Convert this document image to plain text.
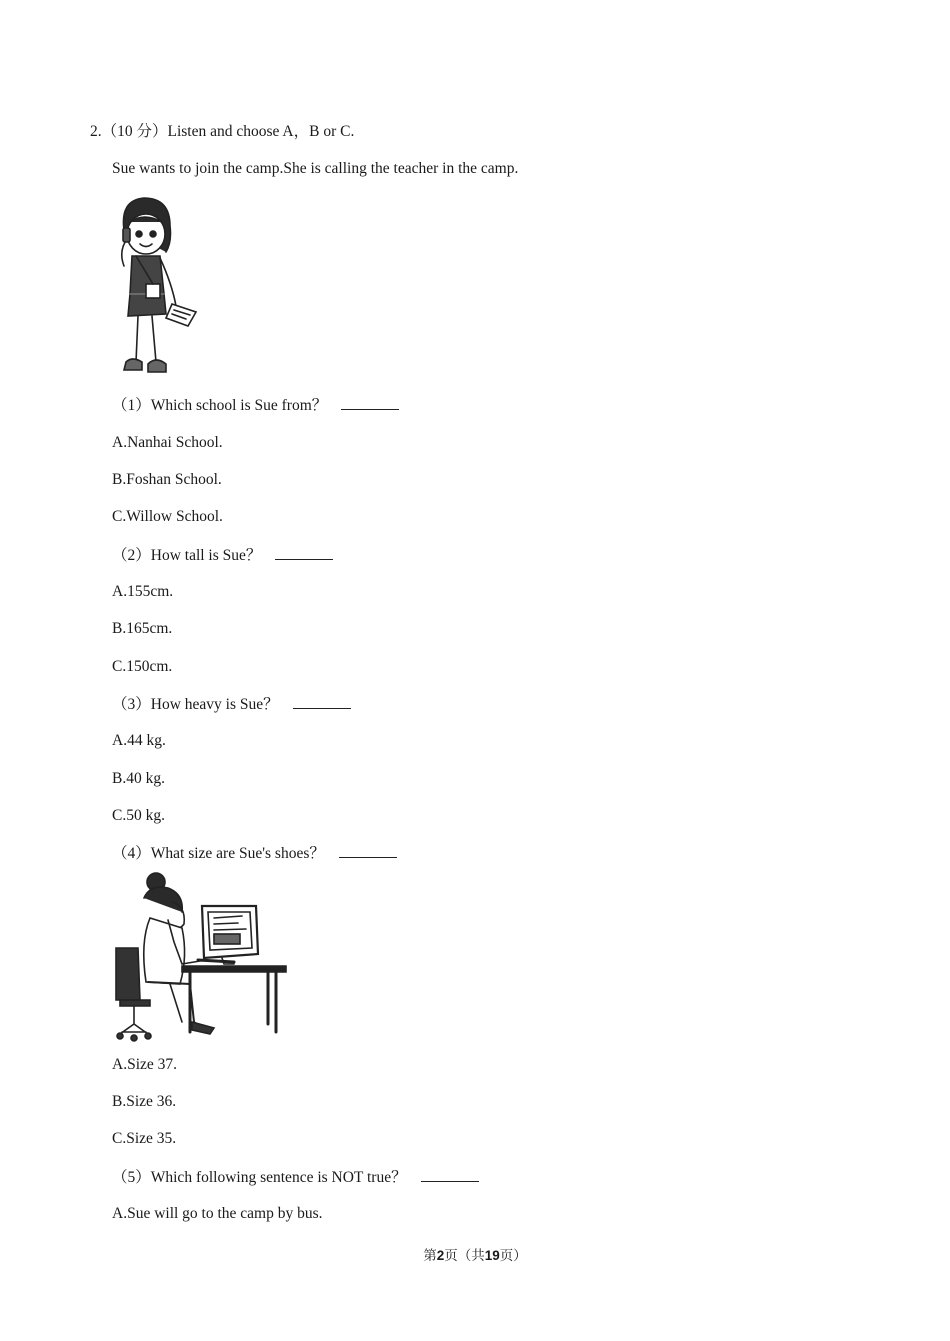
2.（10 分）Listen and choose A，B or C.
Sue wants to join the camp.She is calling the teacher in the camp.
（1）Which school is Sue from？
A.Nanhai School.
B.Foshan School.
C.Willow School.
（2）How tall is Sue？
A.155cm.
B.165cm.
C.150cm.
（3）How heavy is Sue？
A.44 kg.
B.40 kg.
C.50 kg.
（4）What size are Sue's shoes？
A.Size 37.
B.Size 36.
C.Size 35.
（5）Which following sentence is NOT true？
A.Sue will go to the camp by bus.
第2页（共19页）
